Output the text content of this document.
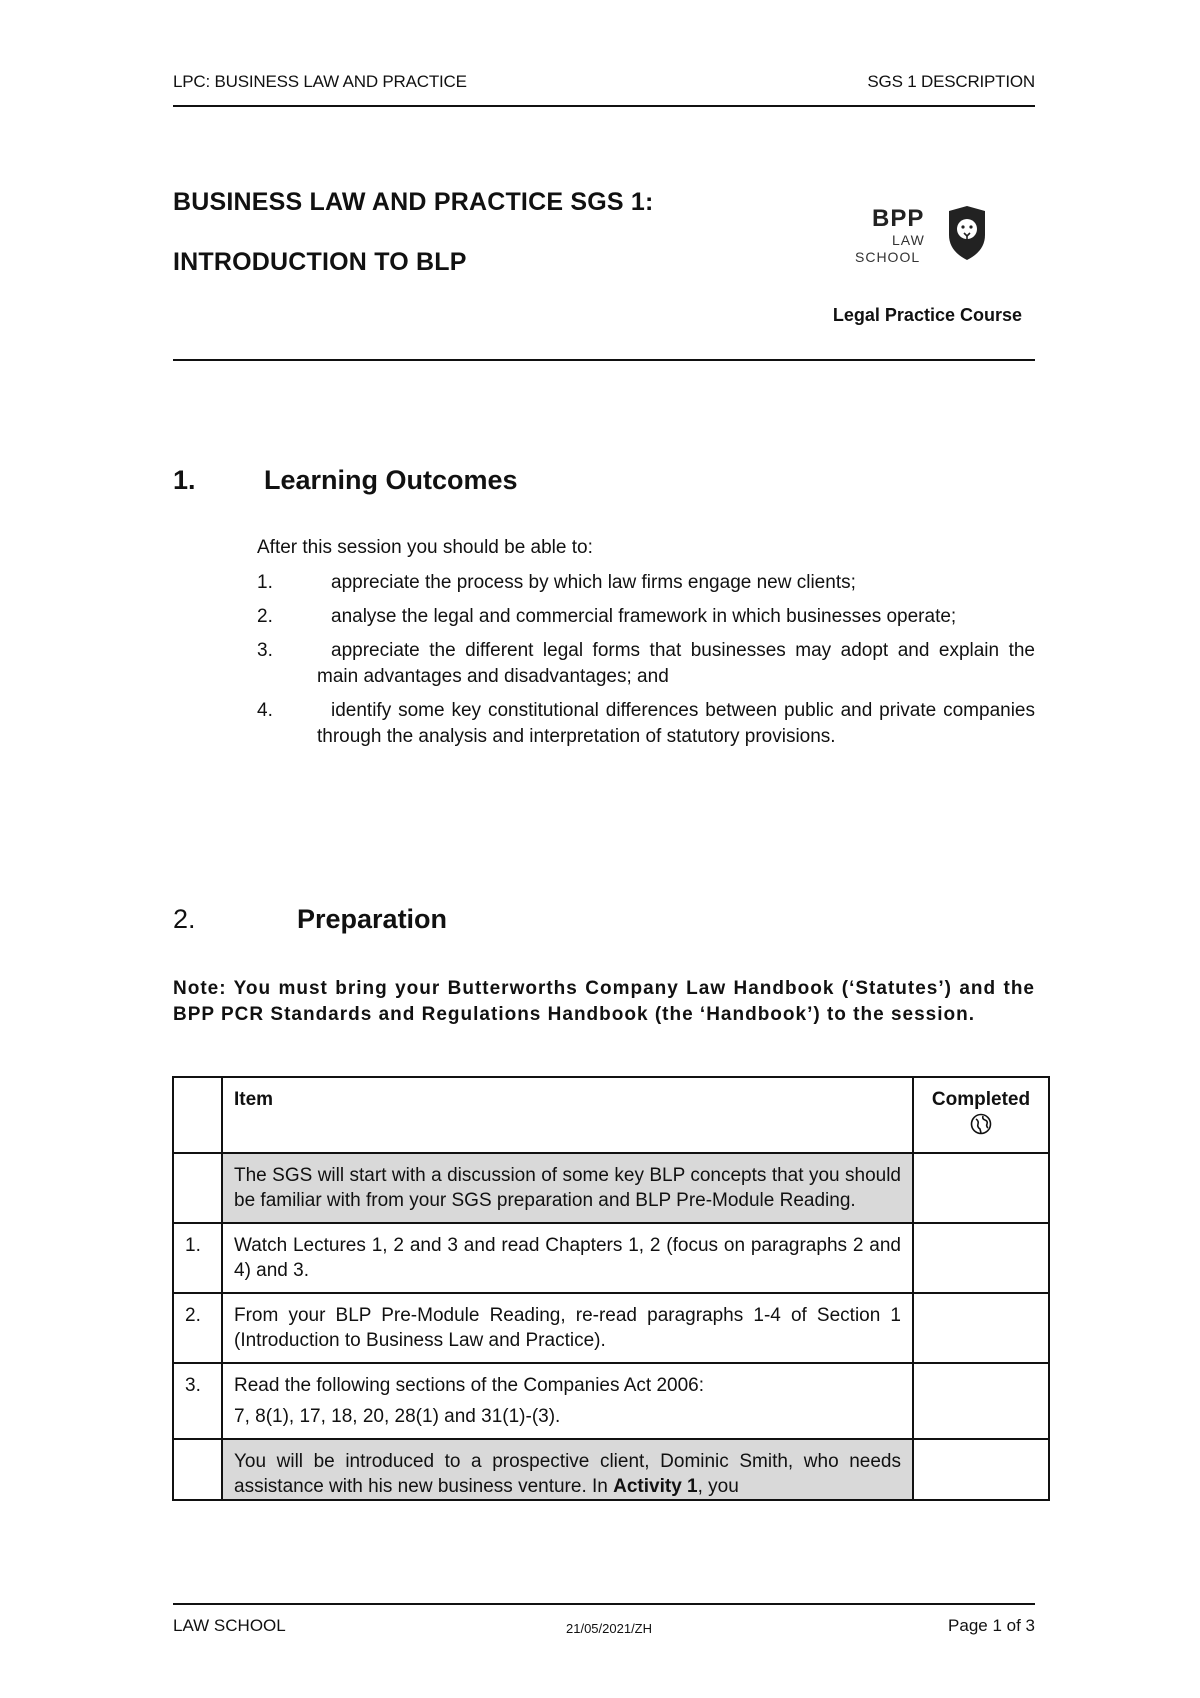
LPC: BUSINESS LAW AND PRACTICE	SGS 1 DESCRIPTION
BUSINESS LAW AND PRACTICE SGS 1:
INTRODUCTION TO BLP
BPP
LAW
SCHOOL
Legal Practice Course
1.	Learning Outcomes
After this session you should be able to:
1.	appreciate the process by which law firms engage new clients;
2.	analyse the legal and commercial framework in which businesses operate;
3.	appreciate the different legal forms that businesses may adopt and explain the main advantages and disadvantages; and
4.	identify some key constitutional differences between public and private companies through the analysis and interpretation of statutory provisions.
2.	Preparation
Note: You must bring your Butterworths Company Law Handbook (‘Statutes’) and the BPP PCR Standards and Regulations Handbook (the ‘Handbook’) to the session.
	Item	Completed

	The SGS will start with a discussion of some key BLP concepts that you should be familiar with from your SGS preparation and BLP Pre-Module Reading.	

1.	Watch Lectures 1, 2 and 3 and read Chapters 1, 2 (focus on paragraphs 2 and 4) and 3.	

2.	From your BLP Pre-Module Reading, re-read paragraphs 1-4 of Section 1 (Introduction to Business Law and Practice).	

3.	Read the following sections of the Companies Act 2006:
7, 8(1), 17, 18, 20, 28(1) and 31(1)-(3).	

	You will be introduced to a prospective client, Dominic Smith, who needs assistance with his new business venture. In Activity 1, you	

LAW SCHOOL	21/05/2021/ZH	Page 1 of 3
